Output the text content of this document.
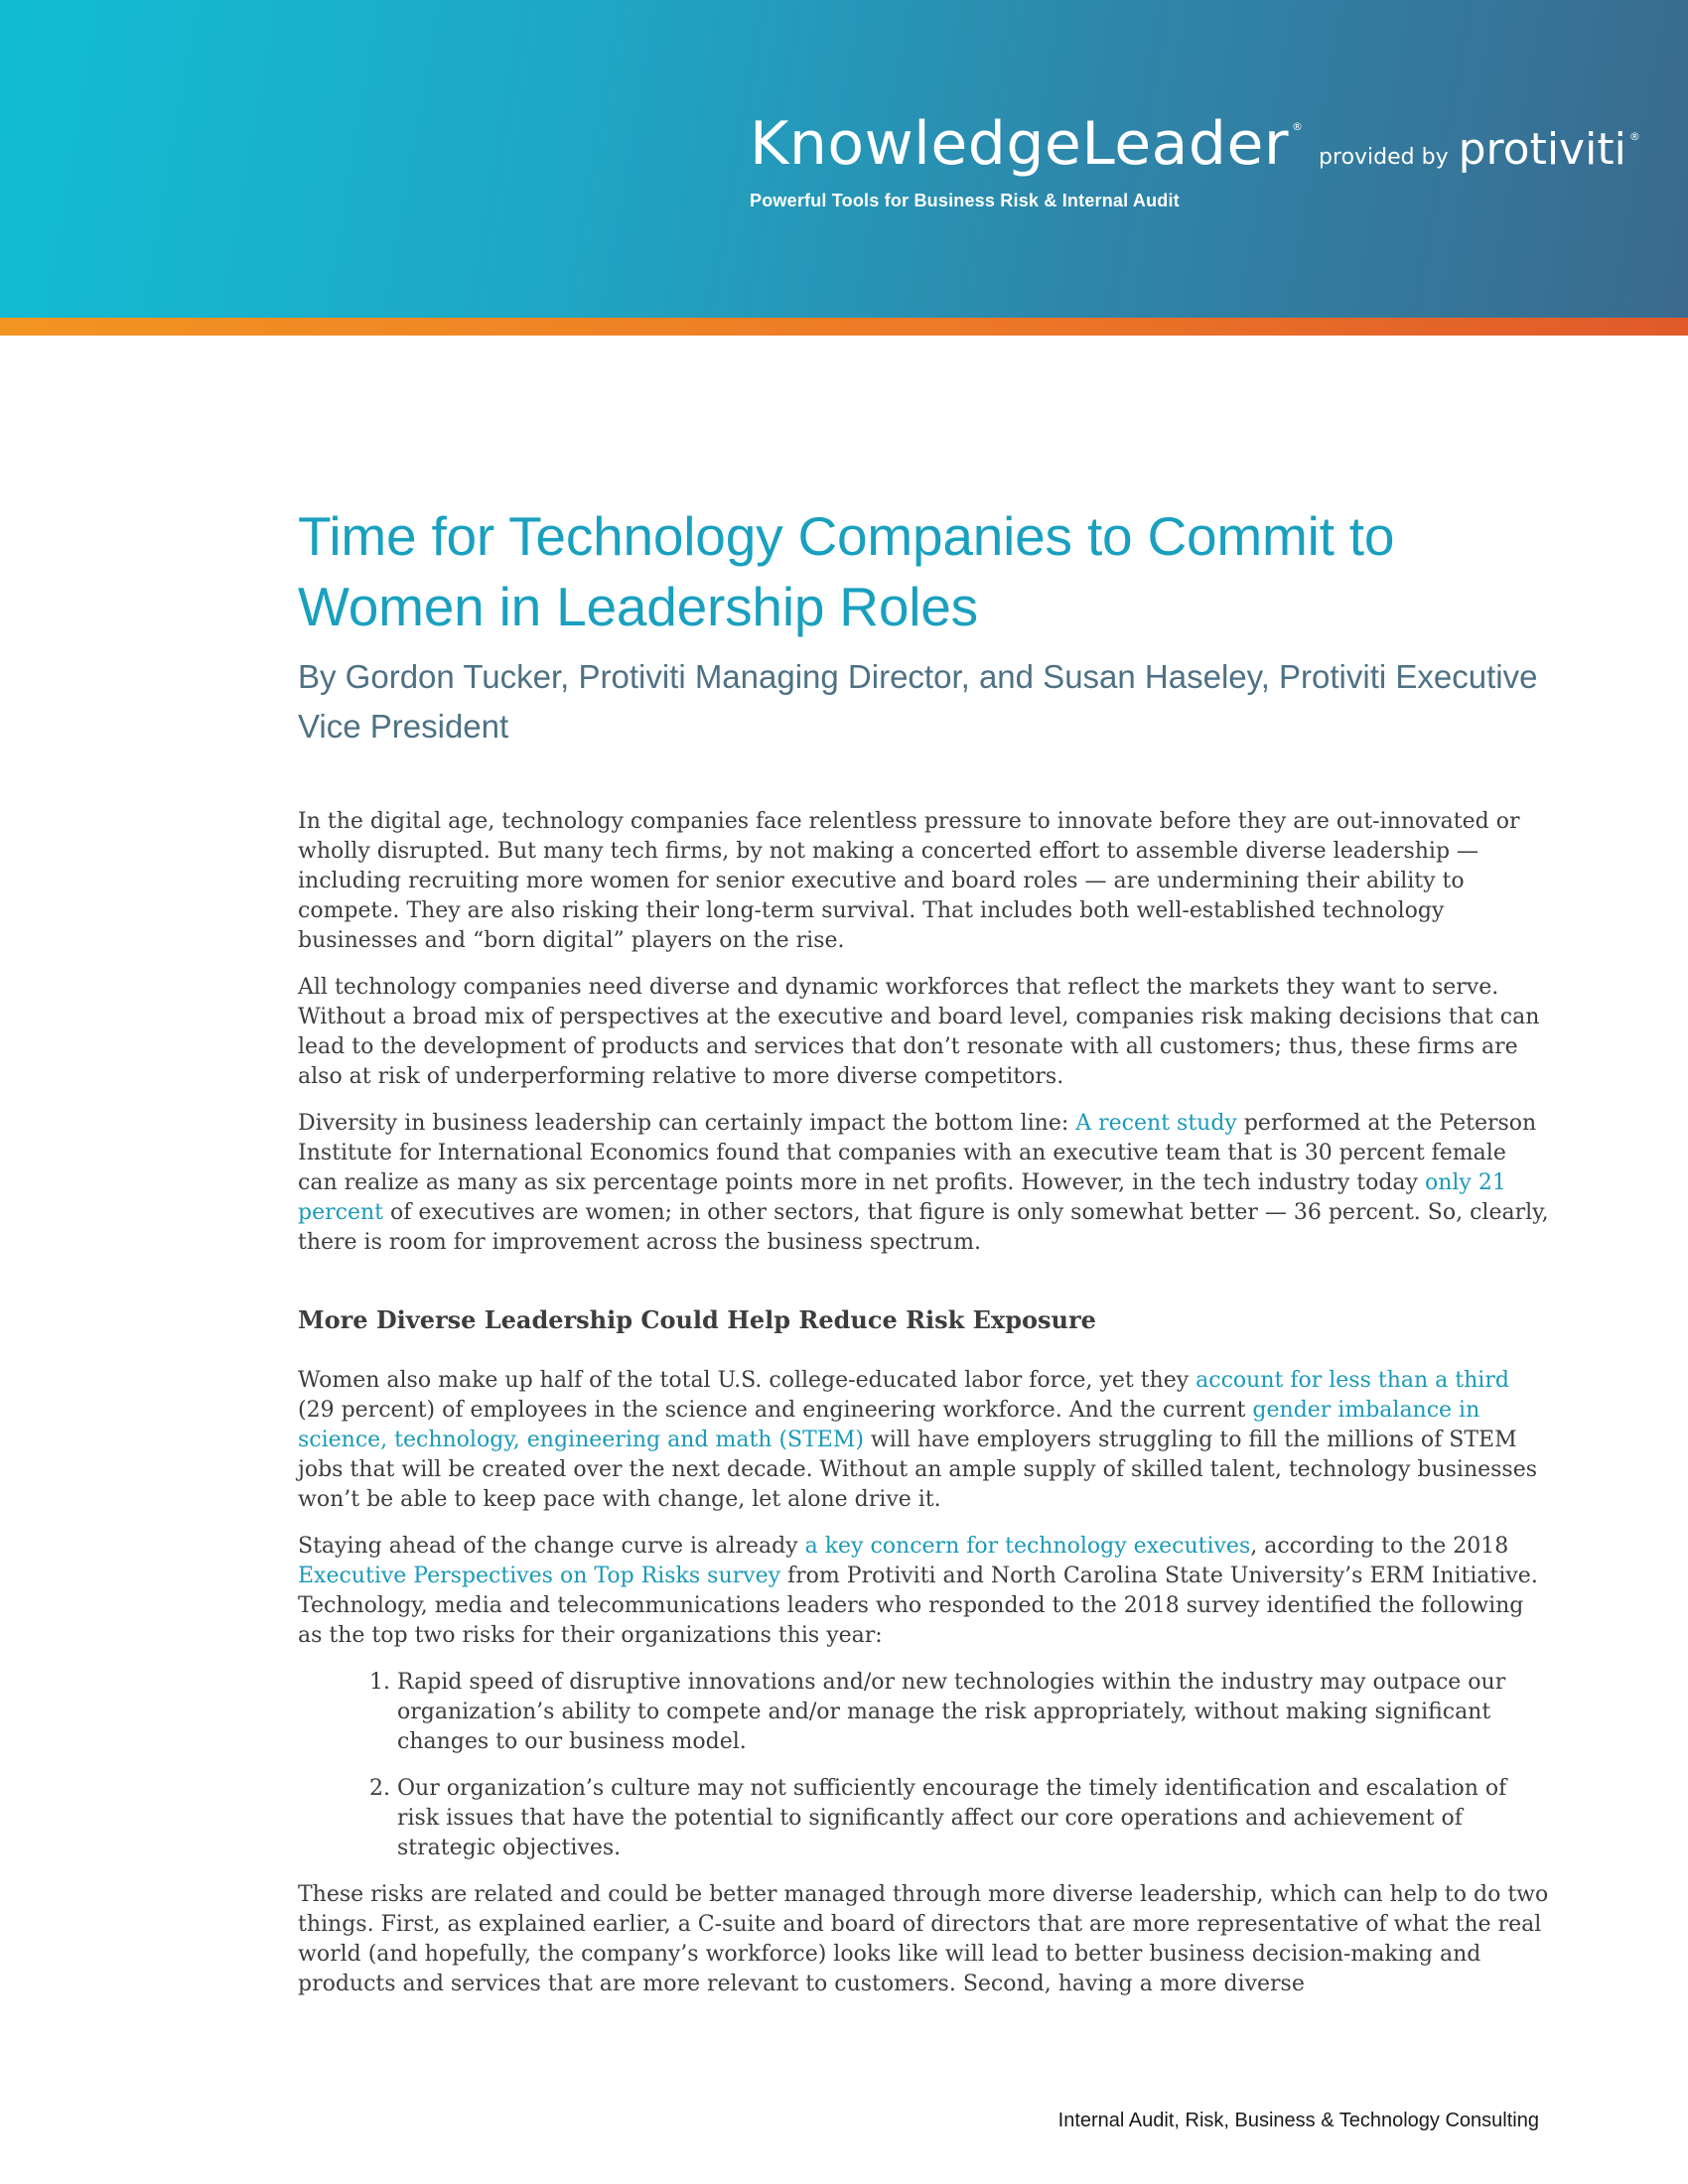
KnowledgeLeader ®
provided by protiviti ®
Powerful Tools for Business Risk & Internal Audit
Time for Technology Companies to Commit to Women in Leadership Roles
By Gordon Tucker, Protiviti Managing Director, and Susan Haseley, Protiviti Executive Vice President

In the digital age, technology companies face relentless pressure to innovate before they are out-innovated or wholly disrupted. But many tech firms, by not making a concerted effort to assemble diverse leadership — including recruiting more women for senior executive and board roles — are undermining their ability to compete. They are also risking their long-term survival. That includes both well-established technology businesses and “born digital” players on the rise.

All technology companies need diverse and dynamic workforces that reflect the markets they want to serve. Without a broad mix of perspectives at the executive and board level, companies risk making decisions that can lead to the development of products and services that don’t resonate with all customers; thus, these firms are also at risk of underperforming relative to more diverse competitors.

Diversity in business leadership can certainly impact the bottom line: A recent study performed at the Peterson Institute for International Economics found that companies with an executive team that is 30 percent female can realize as many as six percentage points more in net profits. However, in the tech industry today only 21 percent of executives are women; in other sectors, that figure is only somewhat better — 36 percent. So, clearly, there is room for improvement across the business spectrum.

More Diverse Leadership Could Help Reduce Risk Exposure

Women also make up half of the total U.S. college-educated labor force, yet they account for less than a third (29 percent) of employees in the science and engineering workforce. And the current gender imbalance in science, technology, engineering and math (STEM) will have employers struggling to fill the millions of STEM jobs that will be created over the next decade. Without an ample supply of skilled talent, technology businesses won’t be able to keep pace with change, let alone drive it.

Staying ahead of the change curve is already a key concern for technology executives, according to the 2018 Executive Perspectives on Top Risks survey from Protiviti and North Carolina State University’s ERM Initiative. Technology, media and telecommunications leaders who responded to the 2018 survey identified the following as the top two risks for their organizations this year:

1. Rapid speed of disruptive innovations and/or new technologies within the industry may outpace our organization’s ability to compete and/or manage the risk appropriately, without making significant changes to our business model.
2. Our organization’s culture may not sufficiently encourage the timely identification and escalation of risk issues that have the potential to significantly affect our core operations and achievement of strategic objectives.

These risks are related and could be better managed through more diverse leadership, which can help to do two things. First, as explained earlier, a C-suite and board of directors that are more representative of what the real world (and hopefully, the company’s workforce) looks like will lead to better business decision-making and products and services that are more relevant to customers. Second, having a more diverse

Internal Audit, Risk, Business & Technology Consulting
